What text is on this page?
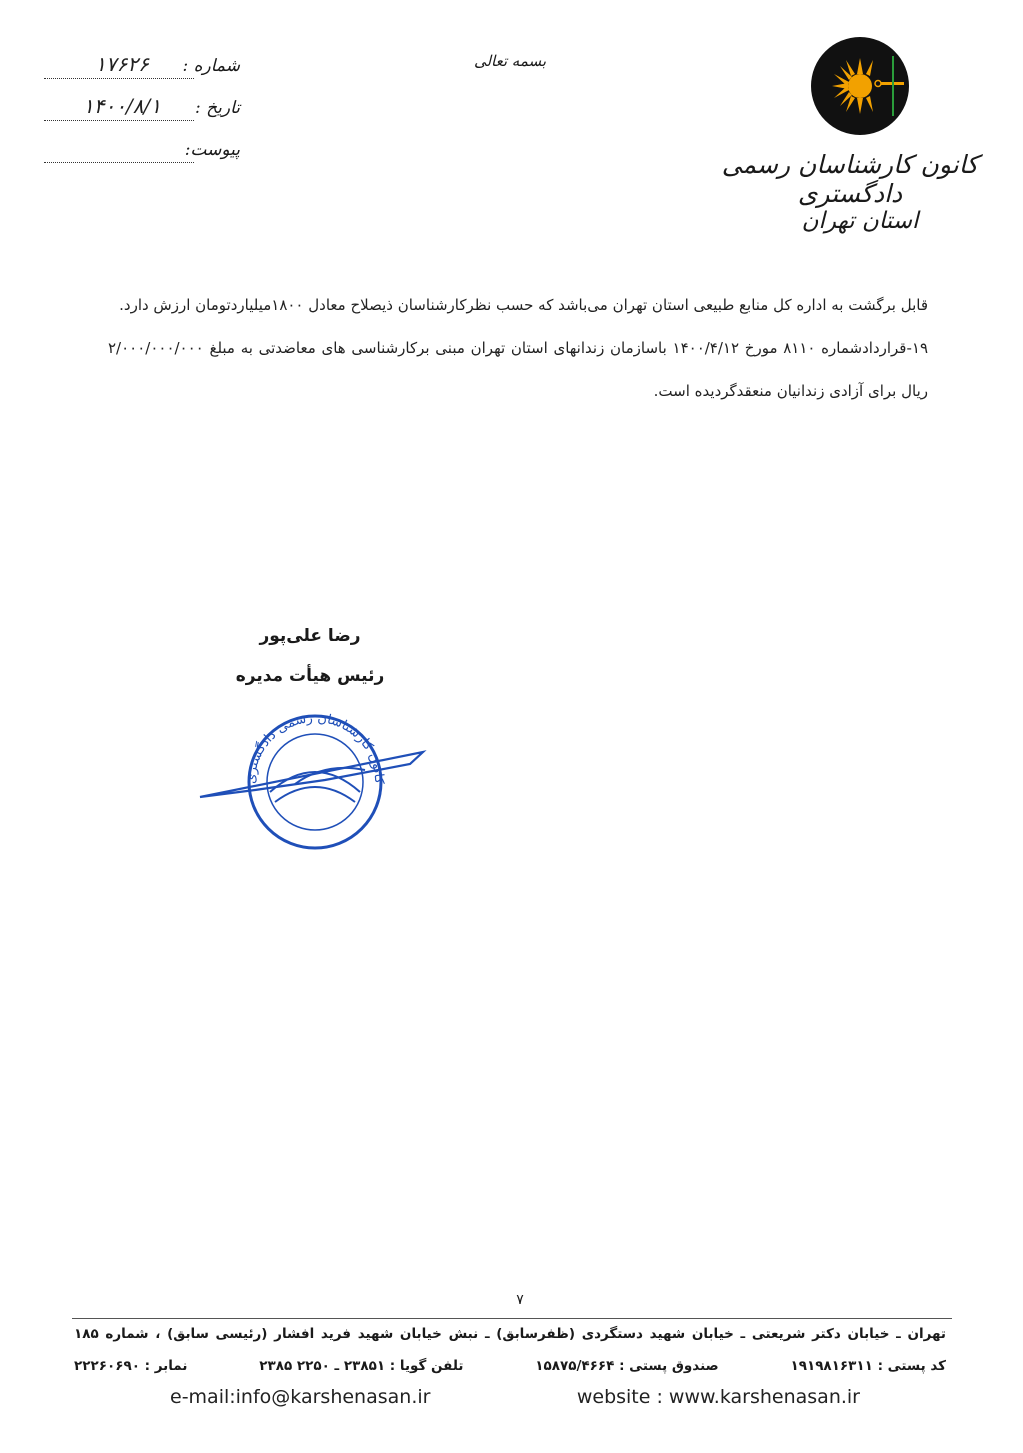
شماره :
۱۷۶۲۶
تاریخ :
۱۴۰۰/۸/۱
پیوست:
بسمه تعالی
کانون کارشناسان رسمی دادگستری
استان تهران

قابل برگشت به اداره کل منابع طبیعی استان تهران می‌باشد که حسب نظرکارشناسان ذیصلاح معادل ۱۸۰۰میلیاردتومان ارزش دارد.

۱۹-قراردادشماره ۸۱۱۰ مورخ ۱۴۰۰/۴/۱۲ باسازمان زندانهای استان تهران مبنی برکارشناسی های معاضدتی به مبلغ ۲/۰۰۰/۰۰۰/۰۰۰ ریال برای آزادی زندانیان منعقدگردیده است.

رضا علی‌پور
رئیس هیأت مدیره
کانون کارشناسان رسمی دادگستری
۷
تهران ـ خیابان دکتر شریعتی ـ خیابان شهید دستگردی (ظفرسابق) ـ نبش خیابان شهید فرید افشار (رئیسی سابق) ، شماره ۱۸۵
کد پستی : ۱۹۱۹۸۱۶۳۱۱
صندوق پستی : ۱۵۸۷۵/۴۶۶۴
تلفن گویا : ۲۳۸۵۱ ـ ۲۲۵۰ ۲۳۸۵
نمابر : ۲۲۲۶۰۶۹۰
e-mail:info@karshenasan.ir	website : www.karshenasan.ir
